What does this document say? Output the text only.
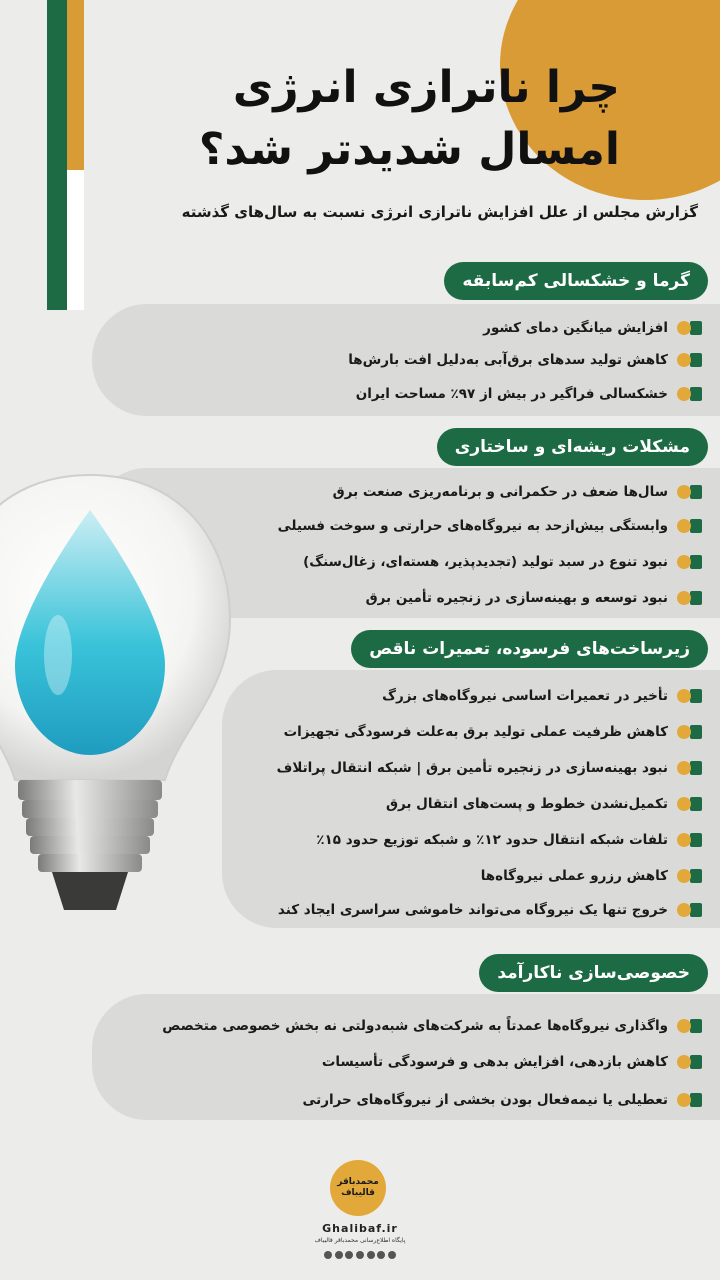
چرا ناترازی انرژی
امسال شدیدتر شد؟
گزارش مجلس از علل افزایش ناترازی انرژی نسبت به سال‌های گذشته
گرما و خشکسالی کم‌سابقه
افزایش میانگین دمای کشور
کاهش تولید سدهای برق‌آبی به‌دلیل افت بارش‌ها
خشکسالی فراگیر در بیش از ۹۷٪ مساحت ایران
مشکلات ریشه‌ای و ساختاری
سال‌ها ضعف در حکمرانی و برنامه‌ریزی صنعت برق
وابستگی بیش‌ازحد به نیروگاه‌های حرارتی و سوخت فسیلی
نبود تنوع در سبد تولید (تجدیدپذیر، هسته‌ای، زغال‌سنگ)
نبود توسعه و بهینه‌سازی در زنجیره تأمین برق
زیرساخت‌های فرسوده، تعمیرات ناقص
تأخیر در تعمیرات اساسی نیروگاه‌های بزرگ
کاهش ظرفیت عملی تولید برق به‌علت فرسودگی تجهیزات
نبود بهینه‌سازی در زنجیره تأمین برق | شبکه انتقال پراتلاف
تکمیل‌نشدن خطوط و پست‌های انتقال برق
تلفات شبکه انتقال حدود ۱۲٪ و شبکه توزیع حدود ۱۵٪
کاهش رزرو عملی نیروگاه‌ها
خروج تنها یک نیروگاه می‌تواند خاموشی سراسری ایجاد کند
خصوصی‌سازی ناکارآمد
واگذاری نیروگاه‌ها عمدتاً به شرکت‌های شبه‌دولتی نه بخش خصوصی متخصص
کاهش بازدهی، افزایش بدهی و فرسودگی تأسیسات
تعطیلی یا نیمه‌فعال بودن بخشی از نیروگاه‌های حرارتی
محمدباقر قالیباف
Ghalibaf.ir
پایگاه اطلاع‌رسانی محمدباقر قالیباف
